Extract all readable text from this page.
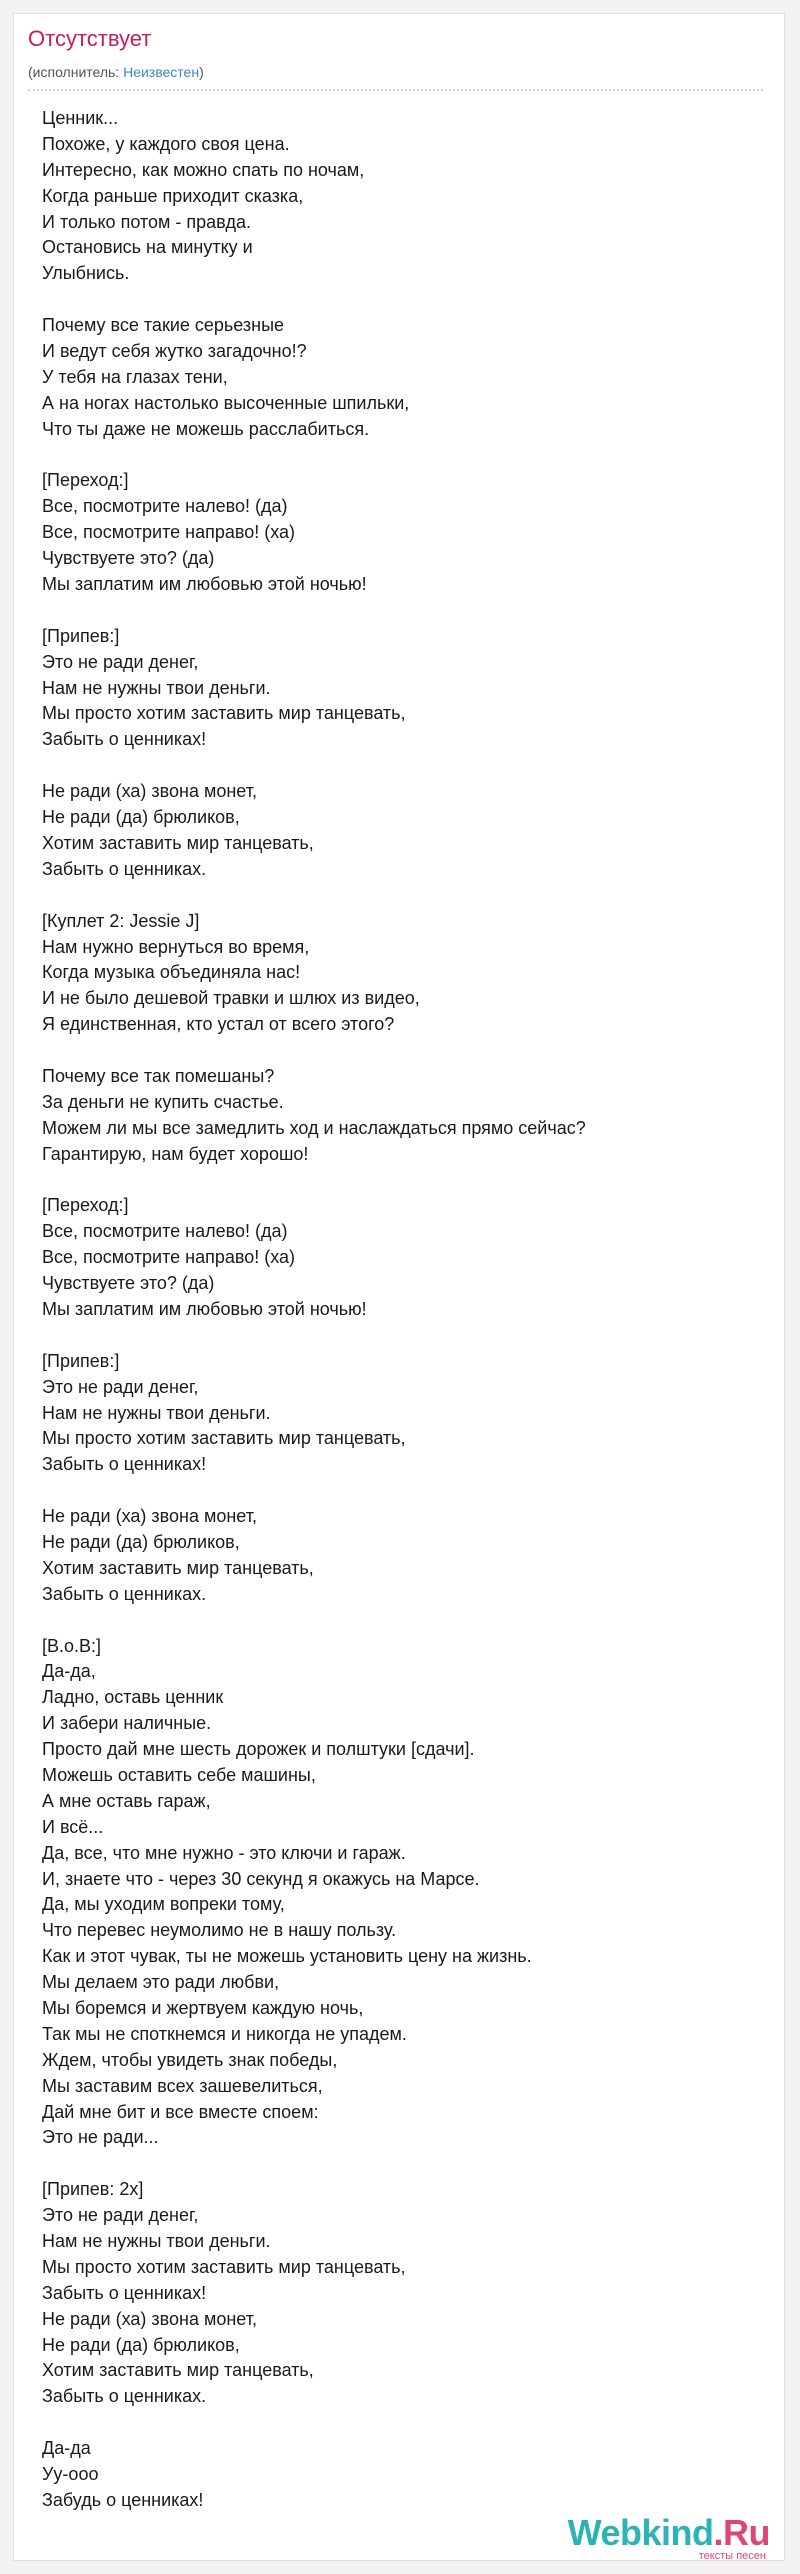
Отсутствует
(исполнитель: Неизвестен)
Ценник...
Похоже, у каждого своя цена.
Интересно, как можно спать по ночам,
Когда раньше приходит сказка,
И только потом - правда.
Остановись на минутку и
Улыбнись.
Почему все такие серьезные
И ведут себя жутко загадочно!?
У тебя на глазах тени,
А на ногах настолько высоченные шпильки,
Что ты даже не можешь расслабиться.
[Переход:]
Все, посмотрите налево! (да)
Все, посмотрите направо! (ха)
Чувствуете это? (да)
Мы заплатим им любовью этой ночью!
[Припев:]
Это не ради денег,
Нам не нужны твои деньги.
Мы просто хотим заставить мир танцевать,
Забыть о ценниках!
Не ради (ха) звона монет,
Не ради (да) брюликов,
Хотим заставить мир танцевать,
Забыть о ценниках.
[Куплет 2: Jessie J]
Нам нужно вернуться во время,
Когда музыка объединяла нас!
И не было дешевой травки и шлюх из видео,
Я единственная, кто устал от всего этого?
Почему все так помешаны?
За деньги не купить счастье.
Можем ли мы все замедлить ход и наслаждаться прямо сейчас?
Гарантирую, нам будет хорошо!
[Переход:]
Все, посмотрите налево! (да)
Все, посмотрите направо! (ха)
Чувствуете это? (да)
Мы заплатим им любовью этой ночью!
[Припев:]
Это не ради денег,
Нам не нужны твои деньги.
Мы просто хотим заставить мир танцевать,
Забыть о ценниках!
Не ради (ха) звона монет,
Не ради (да) брюликов,
Хотим заставить мир танцевать,
Забыть о ценниках.
[B.o.B:]
Да-да,
Ладно, оставь ценник
И забери наличные.
Просто дай мне шесть дорожек и полштуки [сдачи].
Можешь оставить себе машины,
А мне оставь гараж,
И всё...
Да, все, что мне нужно - это ключи и гараж.
И, знаете что - через 30 секунд я окажусь на Марсе.
Да, мы уходим вопреки тому,
Что перевес неумолимо не в нашу пользу.
Как и этот чувак, ты не можешь установить цену на жизнь.
Мы делаем это ради любви,
Мы боремся и жертвуем каждую ночь,
Так мы не споткнемся и никогда не упадем.
Ждем, чтобы увидеть знак победы,
Мы заставим всех зашевелиться,
Дай мне бит и все вместе споем:
Это не ради...
[Припев: 2x]
Это не ради денег,
Нам не нужны твои деньги.
Мы просто хотим заставить мир танцевать,
Забыть о ценниках!
Не ради (ха) звона монет,
Не ради (да) брюликов,
Хотим заставить мир танцевать,
Забыть о ценниках.
Да-да
Уу-ооо
Забудь о ценниках!
Webkind.Ru
тексты песен
